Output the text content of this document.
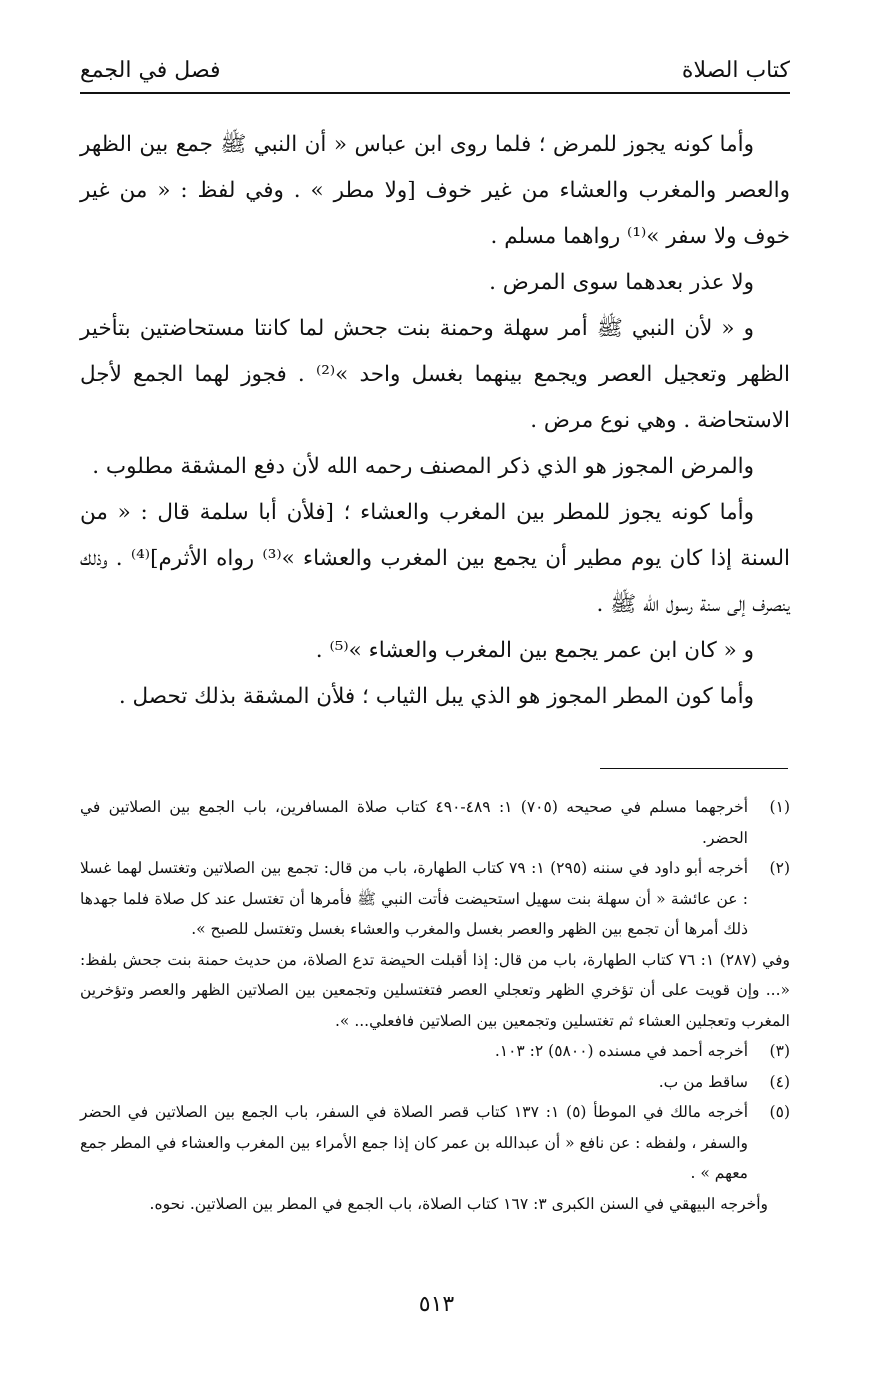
كتاب الصلاة
فصل في الجمع

وأما كونه يجوز للمرض ؛ فلما روى ابن عباس « أن النبي ﷺ جمع بين الظهر والعصر والمغرب والعشاء من غير خوف [ولا مطر » . وفي لفظ : « من غير خوف ولا سفر »⁽¹⁾ رواهما مسلم .

ولا عذر بعدهما سوى المرض .

و « لأن النبي ﷺ أمر سهلة وحمنة بنت جحش لما كانتا مستحاضتين بتأخير الظهر وتعجيل العصر ويجمع بينهما بغسل واحد »⁽²⁾ . فجوز لهما الجمع لأجل الاستحاضة . وهي نوع مرض .

والمرض المجوز هو الذي ذكر المصنف رحمه الله لأن دفع المشقة مطلوب .

وأما كونه يجوز للمطر بين المغرب والعشاء ؛ [فلأن أبا سلمة قال : « من السنة إذا كان يوم مطير أن يجمع بين المغرب والعشاء »⁽³⁾ رواه الأثرم]⁽⁴⁾ . وذلك ينصرف إلى سنة رسول الله ﷺ .

و « كان ابن عمر يجمع بين المغرب والعشاء »⁽⁵⁾ .

وأما كون المطر المجوز هو الذي يبل الثياب ؛ فلأن المشقة بذلك تحصل .

(١)

أخرجهما مسلم في صحيحه (٧٠٥) ١: ٤٨٩-٤٩٠ كتاب صلاة المسافرين، باب الجمع بين الصلاتين في الحضر.

(٢)

أخرجه أبو داود في سننه (٢٩٥) ١: ٧٩ كتاب الطهارة، باب من قال: تجمع بين الصلاتين وتغتسل لهما غسلا : عن عائشة « أن سهلة بنت سهيل استحيضت فأتت النبي ﷺ فأمرها أن تغتسل عند كل صلاة فلما جهدها ذلك أمرها أن تجمع بين الظهر والعصر بغسل والمغرب والعشاء بغسل وتغتسل للصبح ».

وفي (٢٨٧) ١: ٧٦ كتاب الطهارة، باب من قال: إذا أقبلت الحيضة تدع الصلاة، من حديث حمنة بنت جحش بلفظ: «... وإن قويت على أن تؤخري الظهر وتعجلي العصر فتغتسلين وتجمعين بين الصلاتين الظهر والعصر وتؤخرين المغرب وتعجلين العشاء ثم تغتسلين وتجمعين بين الصلاتين فافعلي... ».

(٣)

أخرجه أحمد في مسنده (٥٨٠٠) ٢: ١٠٣.

(٤)

ساقط من ب.

(٥)

أخرجه مالك في الموطأ (٥) ١: ١٣٧ كتاب قصر الصلاة في السفر، باب الجمع بين الصلاتين في الحضر والسفر ، ولفظه : عن نافع « أن عبدالله بن عمر كان إذا جمع الأمراء بين المغرب والعشاء في المطر جمع معهم » .

وأخرجه البيهقي في السنن الكبرى ٣: ١٦٧ كتاب الصلاة، باب الجمع في المطر بين الصلاتين. نحوه.

٥١٣
